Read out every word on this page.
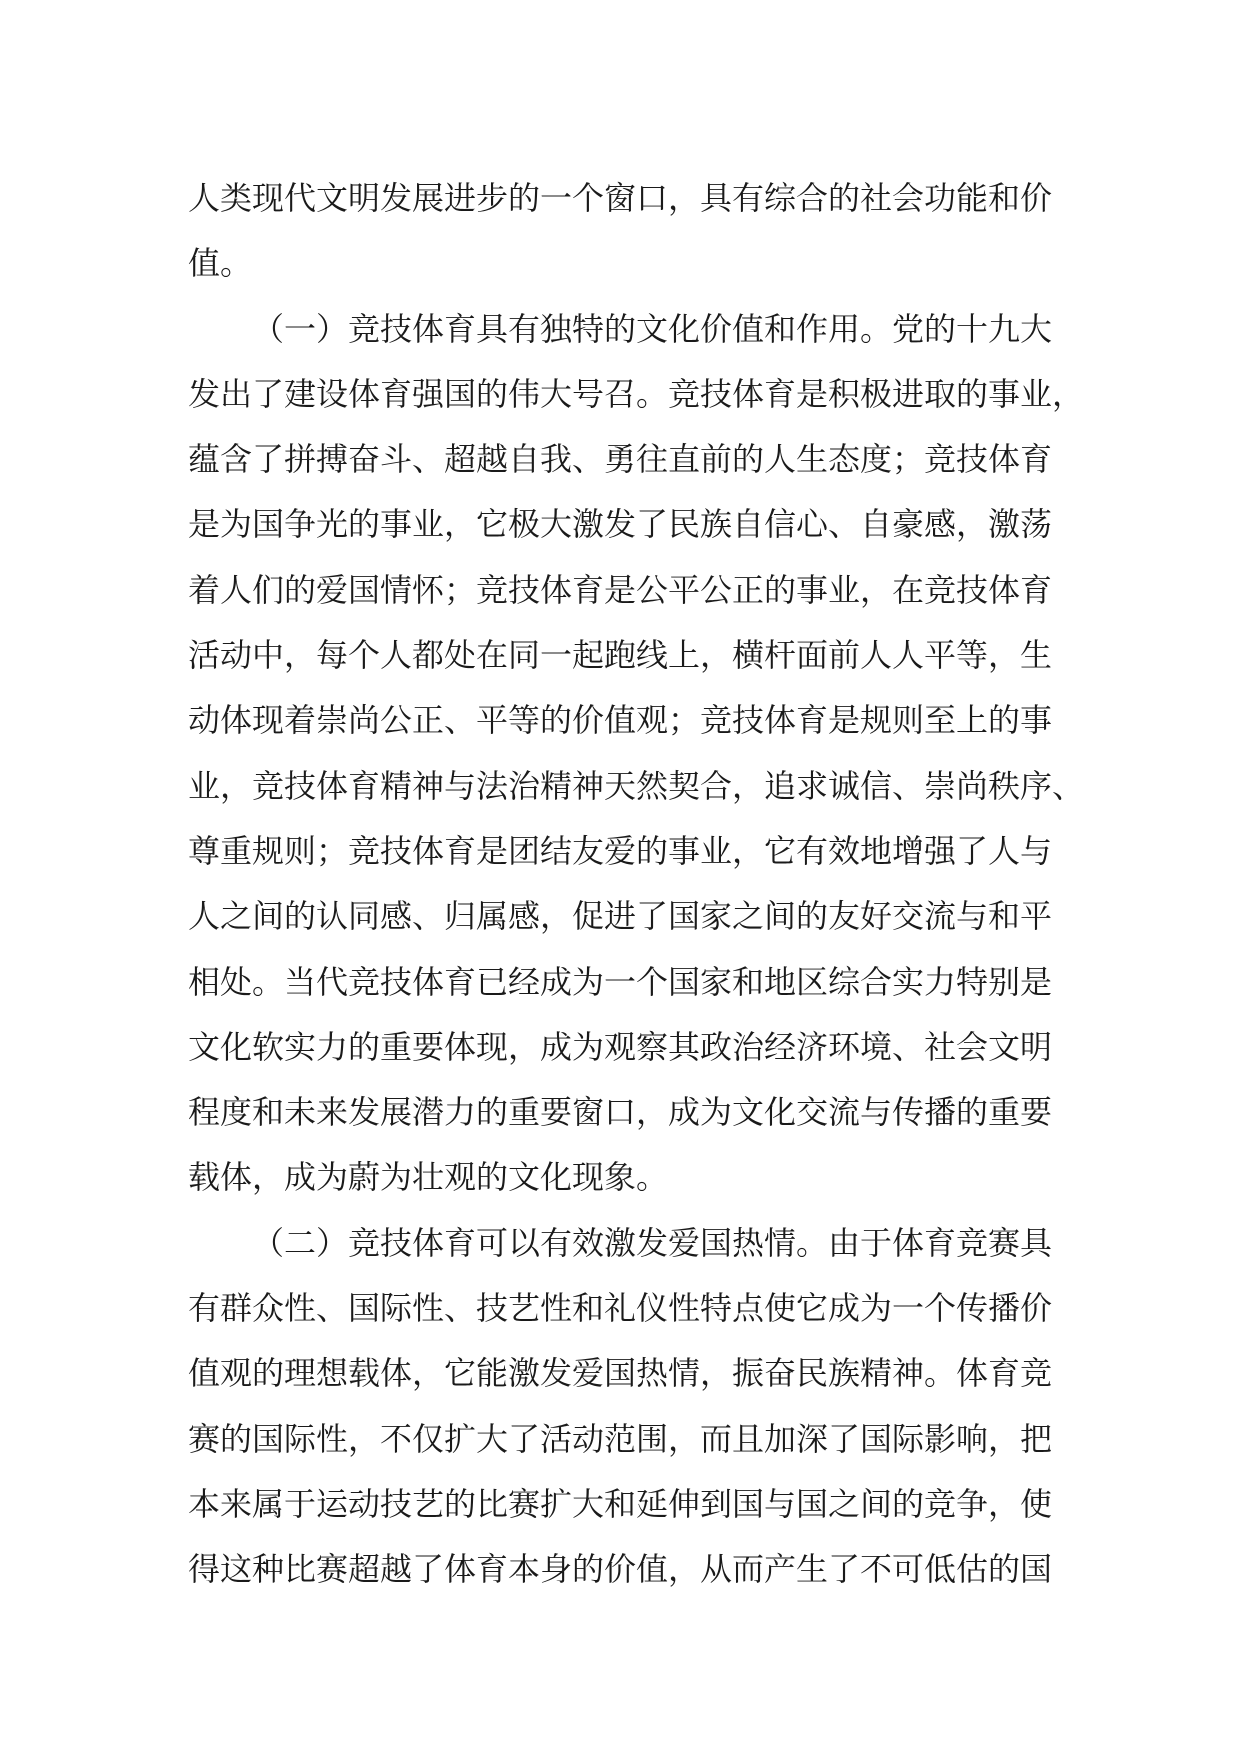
人类现代文明发展进步的一个窗口，具有综合的社会功能和价
值。
（一）竞技体育具有独特的文化价值和作用。党的十九大
发出了建设体育强国的伟大号召。竞技体育是积极进取的事业，
蕴含了拼搏奋斗、超越自我、勇往直前的人生态度；竞技体育
是为国争光的事业，它极大激发了民族自信心、自豪感，激荡
着人们的爱国情怀；竞技体育是公平公正的事业，在竞技体育
活动中，每个人都处在同一起跑线上，横杆面前人人平等，生
动体现着崇尚公正、平等的价值观；竞技体育是规则至上的事
业，竞技体育精神与法治精神天然契合，追求诚信、崇尚秩序、
尊重规则；竞技体育是团结友爱的事业，它有效地增强了人与
人之间的认同感、归属感，促进了国家之间的友好交流与和平
相处。当代竞技体育已经成为一个国家和地区综合实力特别是
文化软实力的重要体现，成为观察其政治经济环境、社会文明
程度和未来发展潜力的重要窗口，成为文化交流与传播的重要
载体，成为蔚为壮观的文化现象。
（二）竞技体育可以有效激发爱国热情。由于体育竞赛具
有群众性、国际性、技艺性和礼仪性特点使它成为一个传播价
值观的理想载体，它能激发爱国热情，振奋民族精神。体育竞
赛的国际性，不仅扩大了活动范围，而且加深了国际影响，把
本来属于运动技艺的比赛扩大和延伸到国与国之间的竞争，使
得这种比赛超越了体育本身的价值，从而产生了不可低估的国
